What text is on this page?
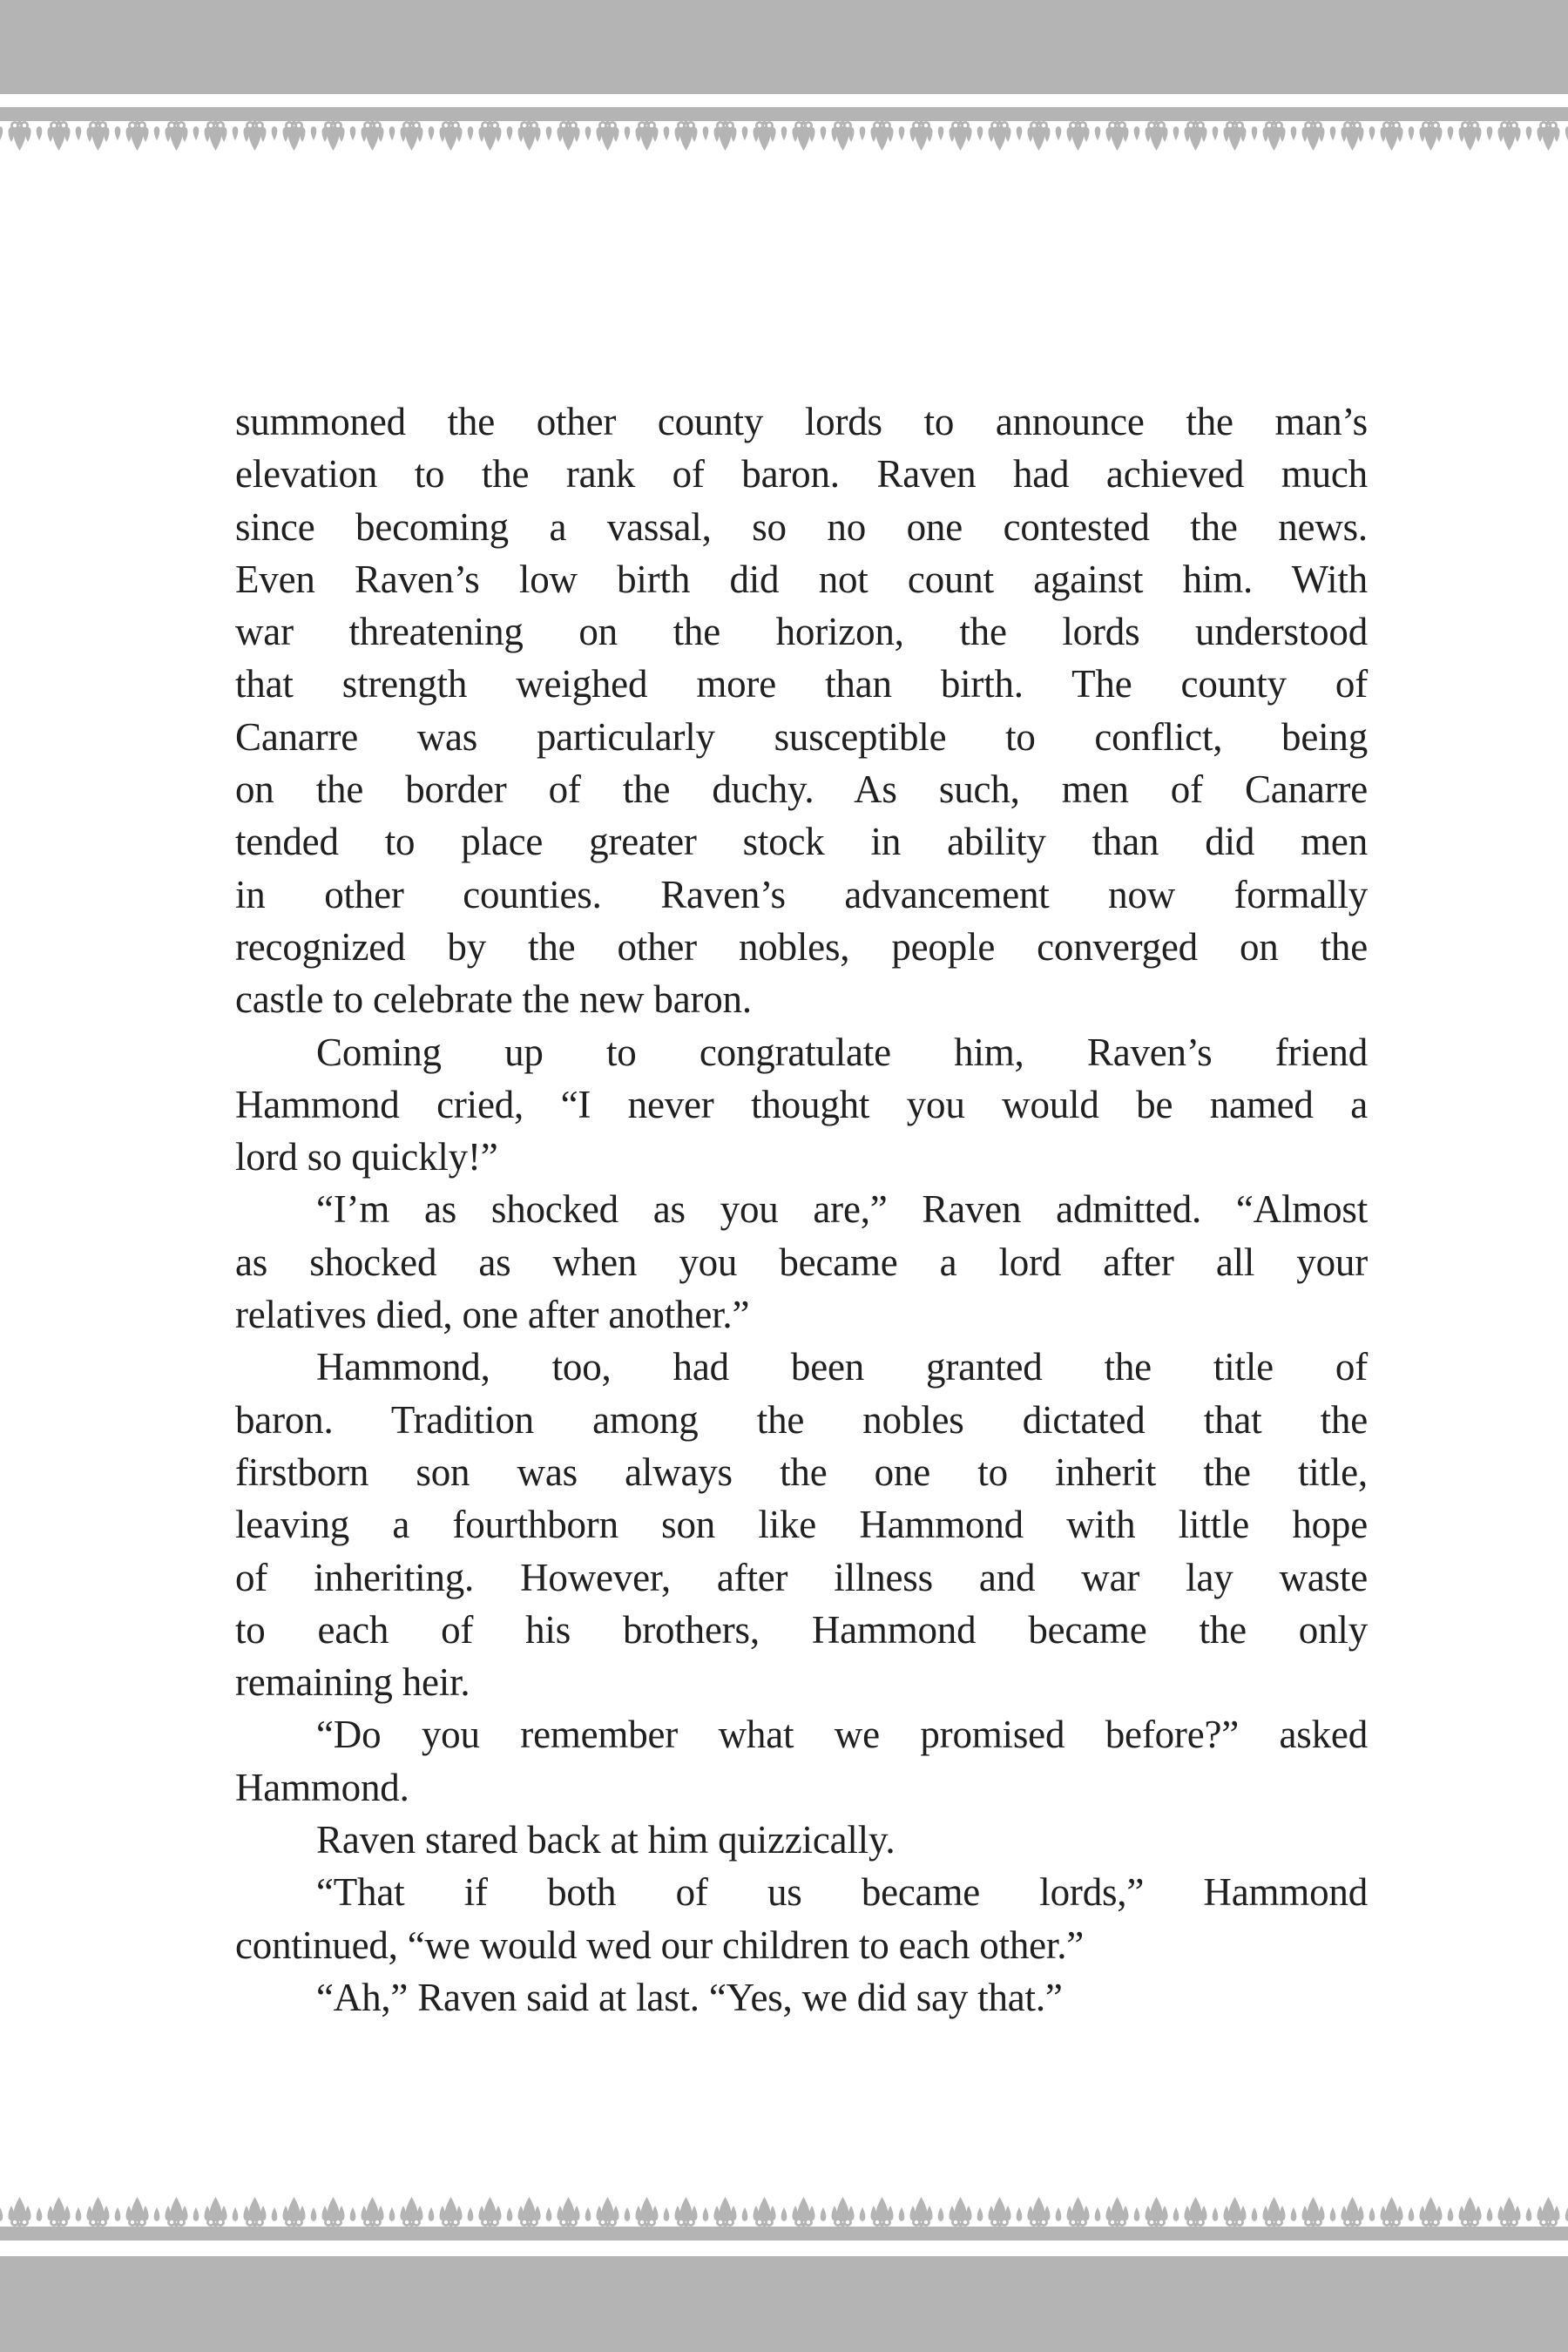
summoned the other county lords to announce the man’s
elevation to the rank of baron. Raven had achieved much
since becoming a vassal, so no one contested the news.
Even Raven’s low birth did not count against him. With
war threatening on the horizon, the lords understood
that strength weighed more than birth. The county of
Canarre was particularly susceptible to conflict, being
on the border of the duchy. As such, men of Canarre
tended to place greater stock in ability than did men
in other counties. Raven’s advancement now formally
recognized by the other nobles, people converged on the
castle to celebrate the new baron.
Coming up to congratulate him, Raven’s friend
Hammond cried, “I never thought you would be named a
lord so quickly!”
“I’m as shocked as you are,” Raven admitted. “Almost
as shocked as when you became a lord after all your
relatives died, one after another.”
Hammond, too, had been granted the title of
baron. Tradition among the nobles dictated that the
firstborn son was always the one to inherit the title,
leaving a fourthborn son like Hammond with little hope
of inheriting. However, after illness and war lay waste
to each of his brothers, Hammond became the only
remaining heir.
“Do you remember what we promised before?” asked
Hammond.
Raven stared back at him quizzically.
“That if both of us became lords,” Hammond
continued, “we would wed our children to each other.”
“Ah,” Raven said at last. “Yes, we did say that.”
